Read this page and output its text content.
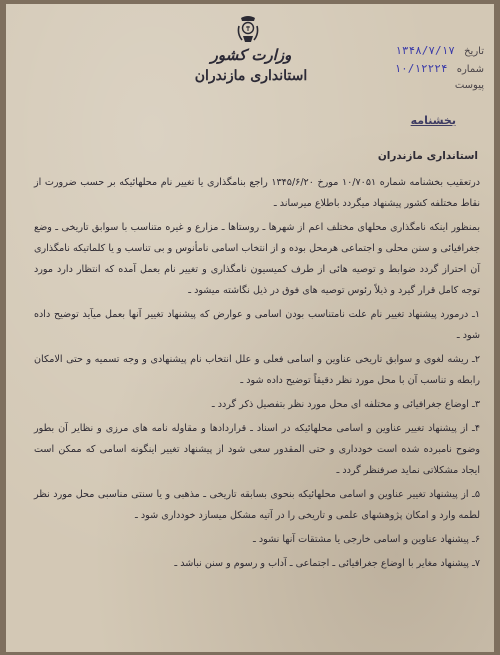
وزارت کشور
استانداری مازندران
تاریخ ۱۳۴۸/۷/۱۷
شماره ۱۰/۱۲۲۲۴
پیوست
بخشنامه
استانداری مازندران

درتعقیب بخشنامه شماره ۱۰/۷۰۵۱ مورخ ۱۳۴۵/۶/۲۰ راجع بنامگذاری یا تغییر نام محلهائیکه بر حسب ضرورت از نقاط مختلفه کشور پیشنهاد میگردد باطلاع میرساند ـ

بمنظور اینکه نامگذاری محلهای مختلف اعم از شهرها ـ روستاها ـ مزارع و غیره متناسب با سوابق تاریخی ـ وضع جغرافیائی و سنن محلی و اجتماعی هرمحل بوده و از انتخاب اسامی نامأنوس و بی تناسب و یا کلماتیکه نامگذاری آن احتراز گردد ضوابط و توصیه هائی از طرف کمیسیون نامگذاری و تغییر نام بعمل آمده که انتظار دارد مورد توجه کامل قرار گیرد و ذیلاً رئوس توصیه های فوق در ذیل نگاشته میشود ـ

۱ـ درمورد پیشنهاد تغییر نام علت نامتناسب بودن اسامی و عوارض که پیشنهاد تغییر آنها بعمل میآید توضیح داده شود ـ

۲ـ ریشه لغوی و سوابق تاریخی عناوین و اسامی فعلی و علل انتخاب نام پیشنهادی و وجه تسمیه و حتی الامکان رابطه و تناسب آن با محل مورد نظر دقیقاً توضیح داده شود ـ

۳ـ اوضاع جغرافیائی و مختلفه ای محل مورد نظر بتفصیل ذکر گردد ـ

۴ـ از پیشنهاد تغییر عناوین و اسامی محلهائیکه در اسناد ـ قراردادها و مقاوله نامه های مرزی و نظایر آن بطور وضوح نامبرده شده است خودداری و حتی المقدور سعی شود از پیشنهاد تغییر اینگونه اسامی که ممکن است ایجاد مشکلاتی نماید صرفنظر گردد ـ

۵ـ از پیشنهاد تغییر عناوین و اسامی محلهائیکه بنحوی بسابقه تاریخی ـ مذهبی و یا سنتی مناسبی محل مورد نظر لطمه وارد و امکان پژوهشهای علمی و تاریخی را در آتیه مشکل میسازد خودداری شود ـ

۶ـ پیشنهاد عناوین و اسامی خارجی یا مشتقات آنها نشود ـ

۷ـ پیشنهاد مغایر با اوضاع جغرافیائی ـ اجتماعی ـ آداب و رسوم و سنن نباشد ـ
